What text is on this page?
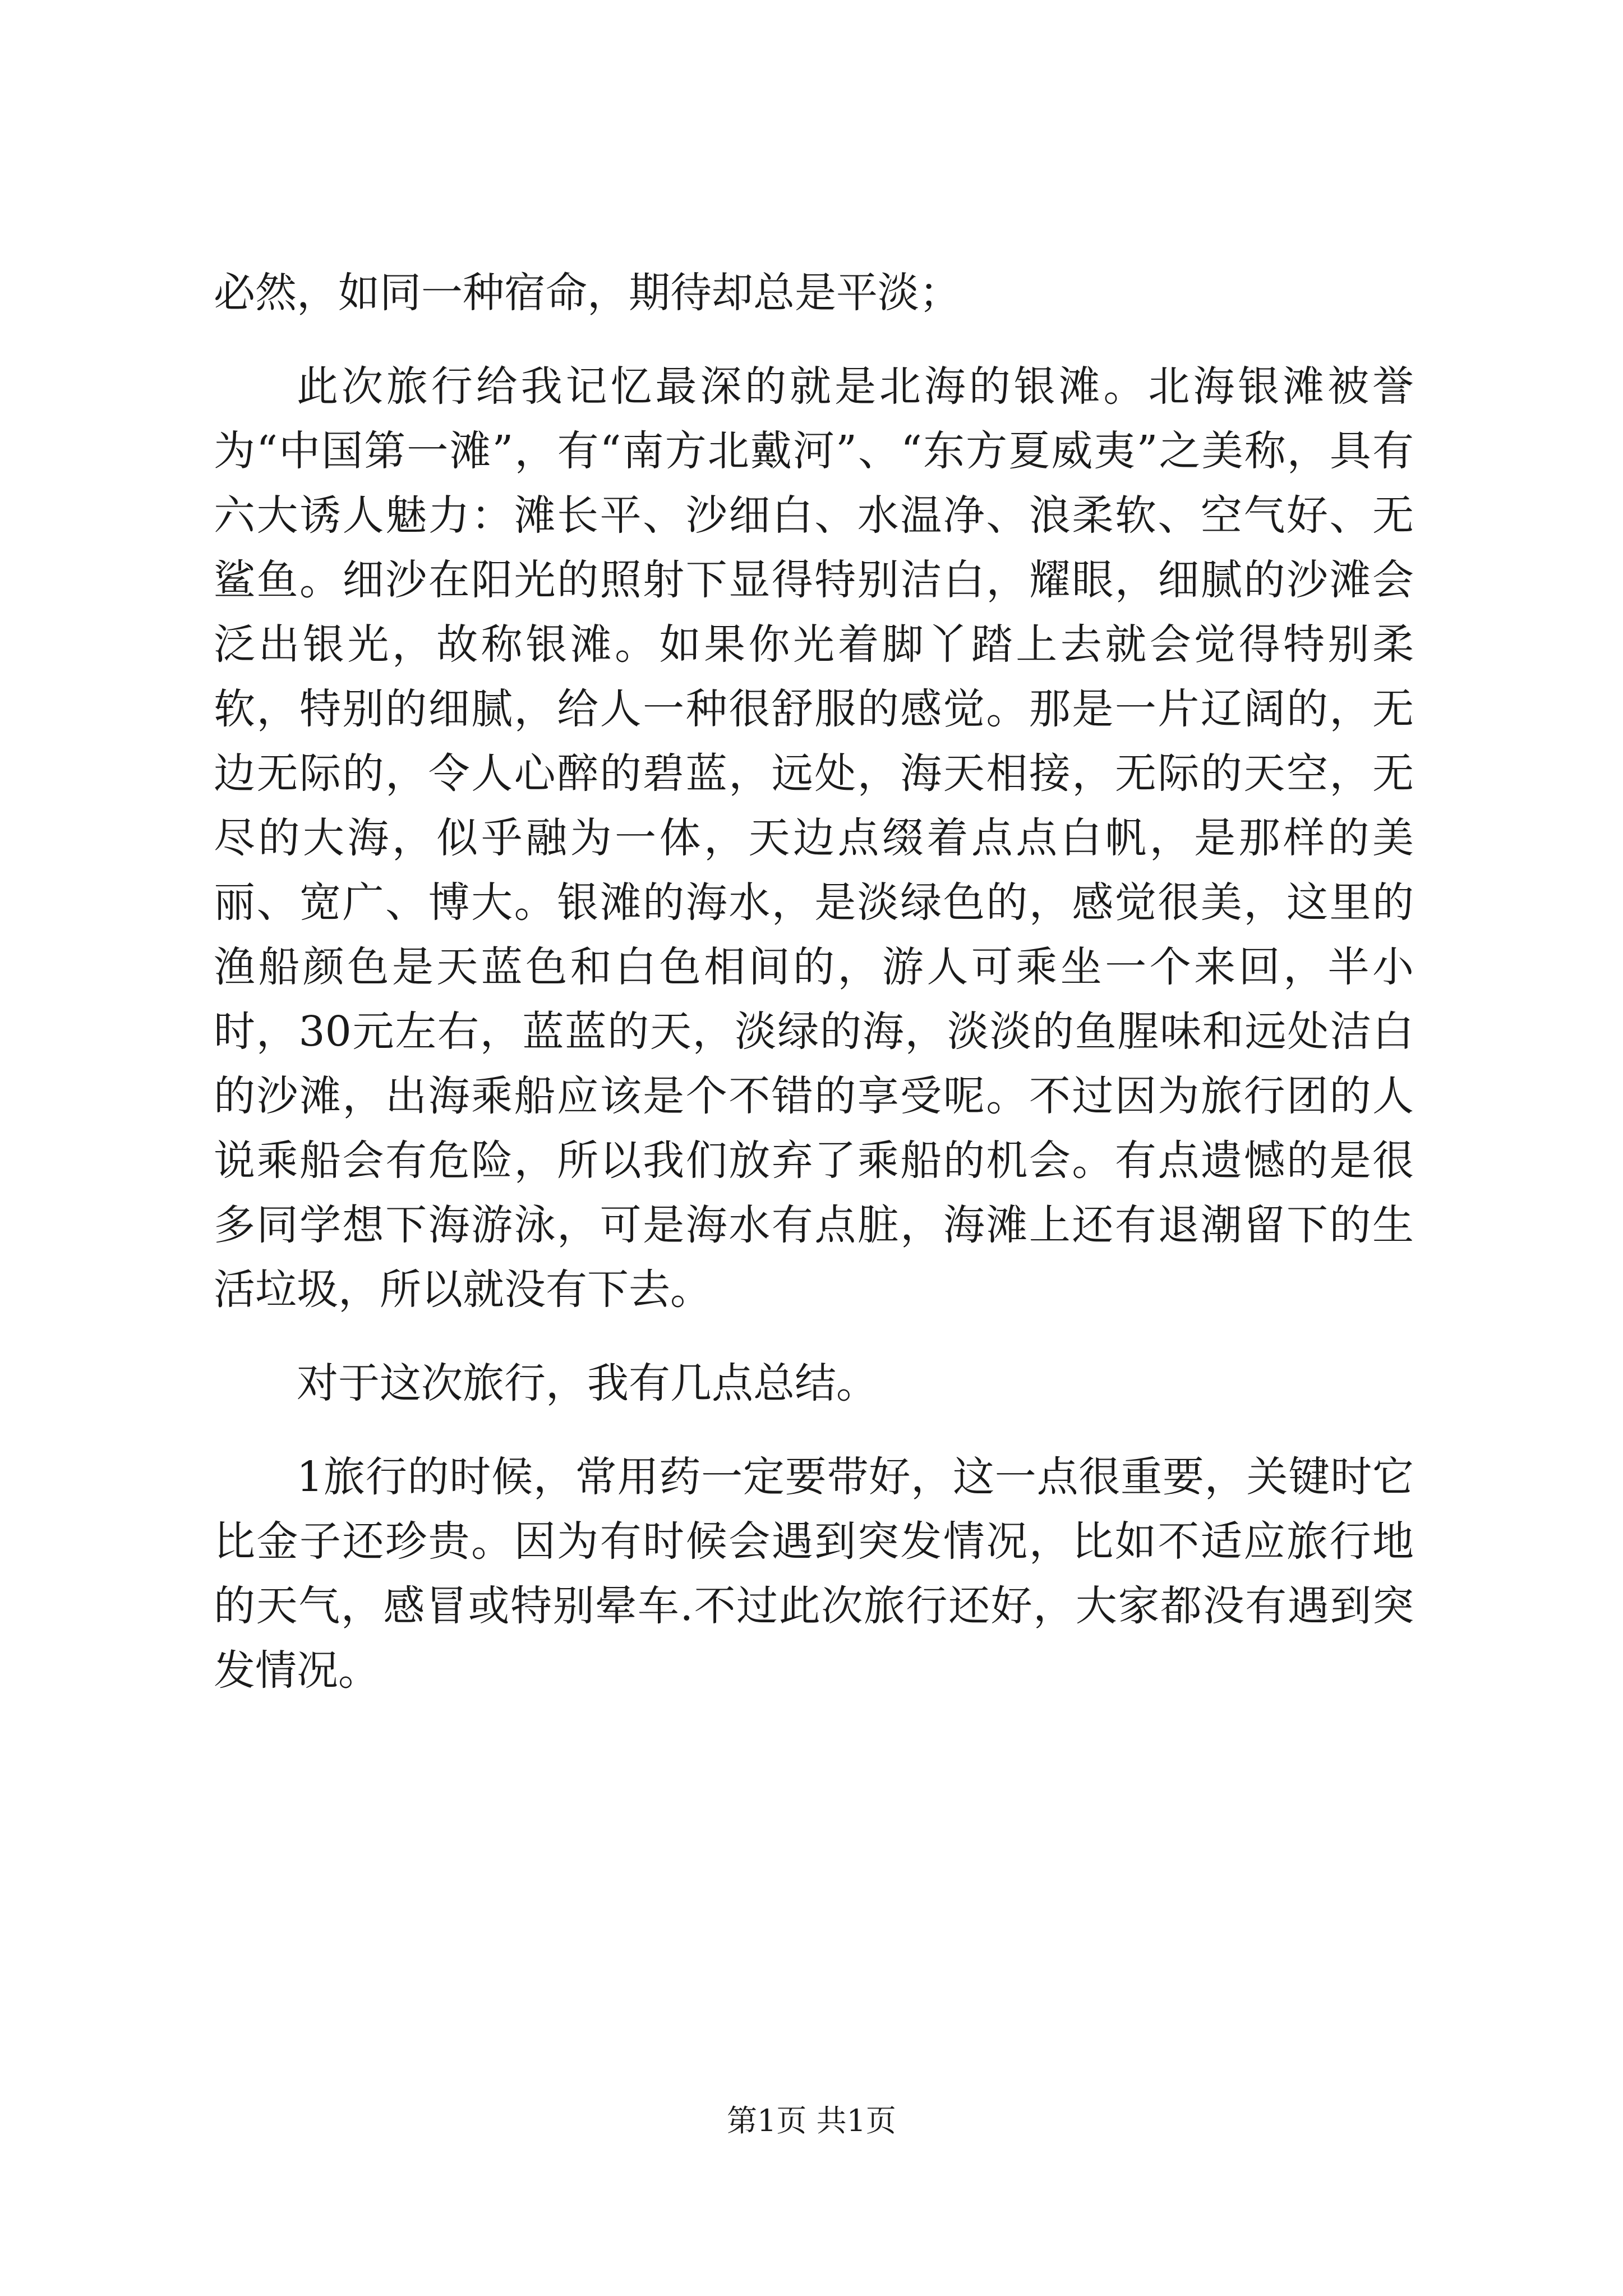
必然，如同一种宿命，期待却总是平淡；

此次旅行给我记忆最深的就是北海的银滩。北海银滩被誉为“中国第一滩”，有“南方北戴河”、“东方夏威夷”之美称，具有六大诱人魅力：滩长平、沙细白、水温净、浪柔软、空气好、无鲨鱼。细沙在阳光的照射下显得特别洁白，耀眼，细腻的沙滩会泛出银光，故称银滩。如果你光着脚丫踏上去就会觉得特别柔软，特别的细腻，给人一种很舒服的感觉。那是一片辽阔的，无边无际的，令人心醉的碧蓝，远处，海天相接，无际的天空，无尽的大海，似乎融为一体，天边点缀着点点白帆，是那样的美丽、宽广、博大。银滩的海水，是淡绿色的，感觉很美，这里的渔船颜色是天蓝色和白色相间的，游人可乘坐一个来回，半小时，30元左右，蓝蓝的天，淡绿的海，淡淡的鱼腥味和远处洁白的沙滩，出海乘船应该是个不错的享受呢。不过因为旅行团的人说乘船会有危险，所以我们放弃了乘船的机会。有点遗憾的是很多同学想下海游泳，可是海水有点脏，海滩上还有退潮留下的生活垃圾，所以就没有下去。

对于这次旅行，我有几点总结。

1旅行的时候，常用药一定要带好，这一点很重要，关键时它比金子还珍贵。因为有时候会遇到突发情况，比如不适应旅行地的天气，感冒或特别晕车.不过此次旅行还好，大家都没有遇到突发情况。

第1页 共1页
